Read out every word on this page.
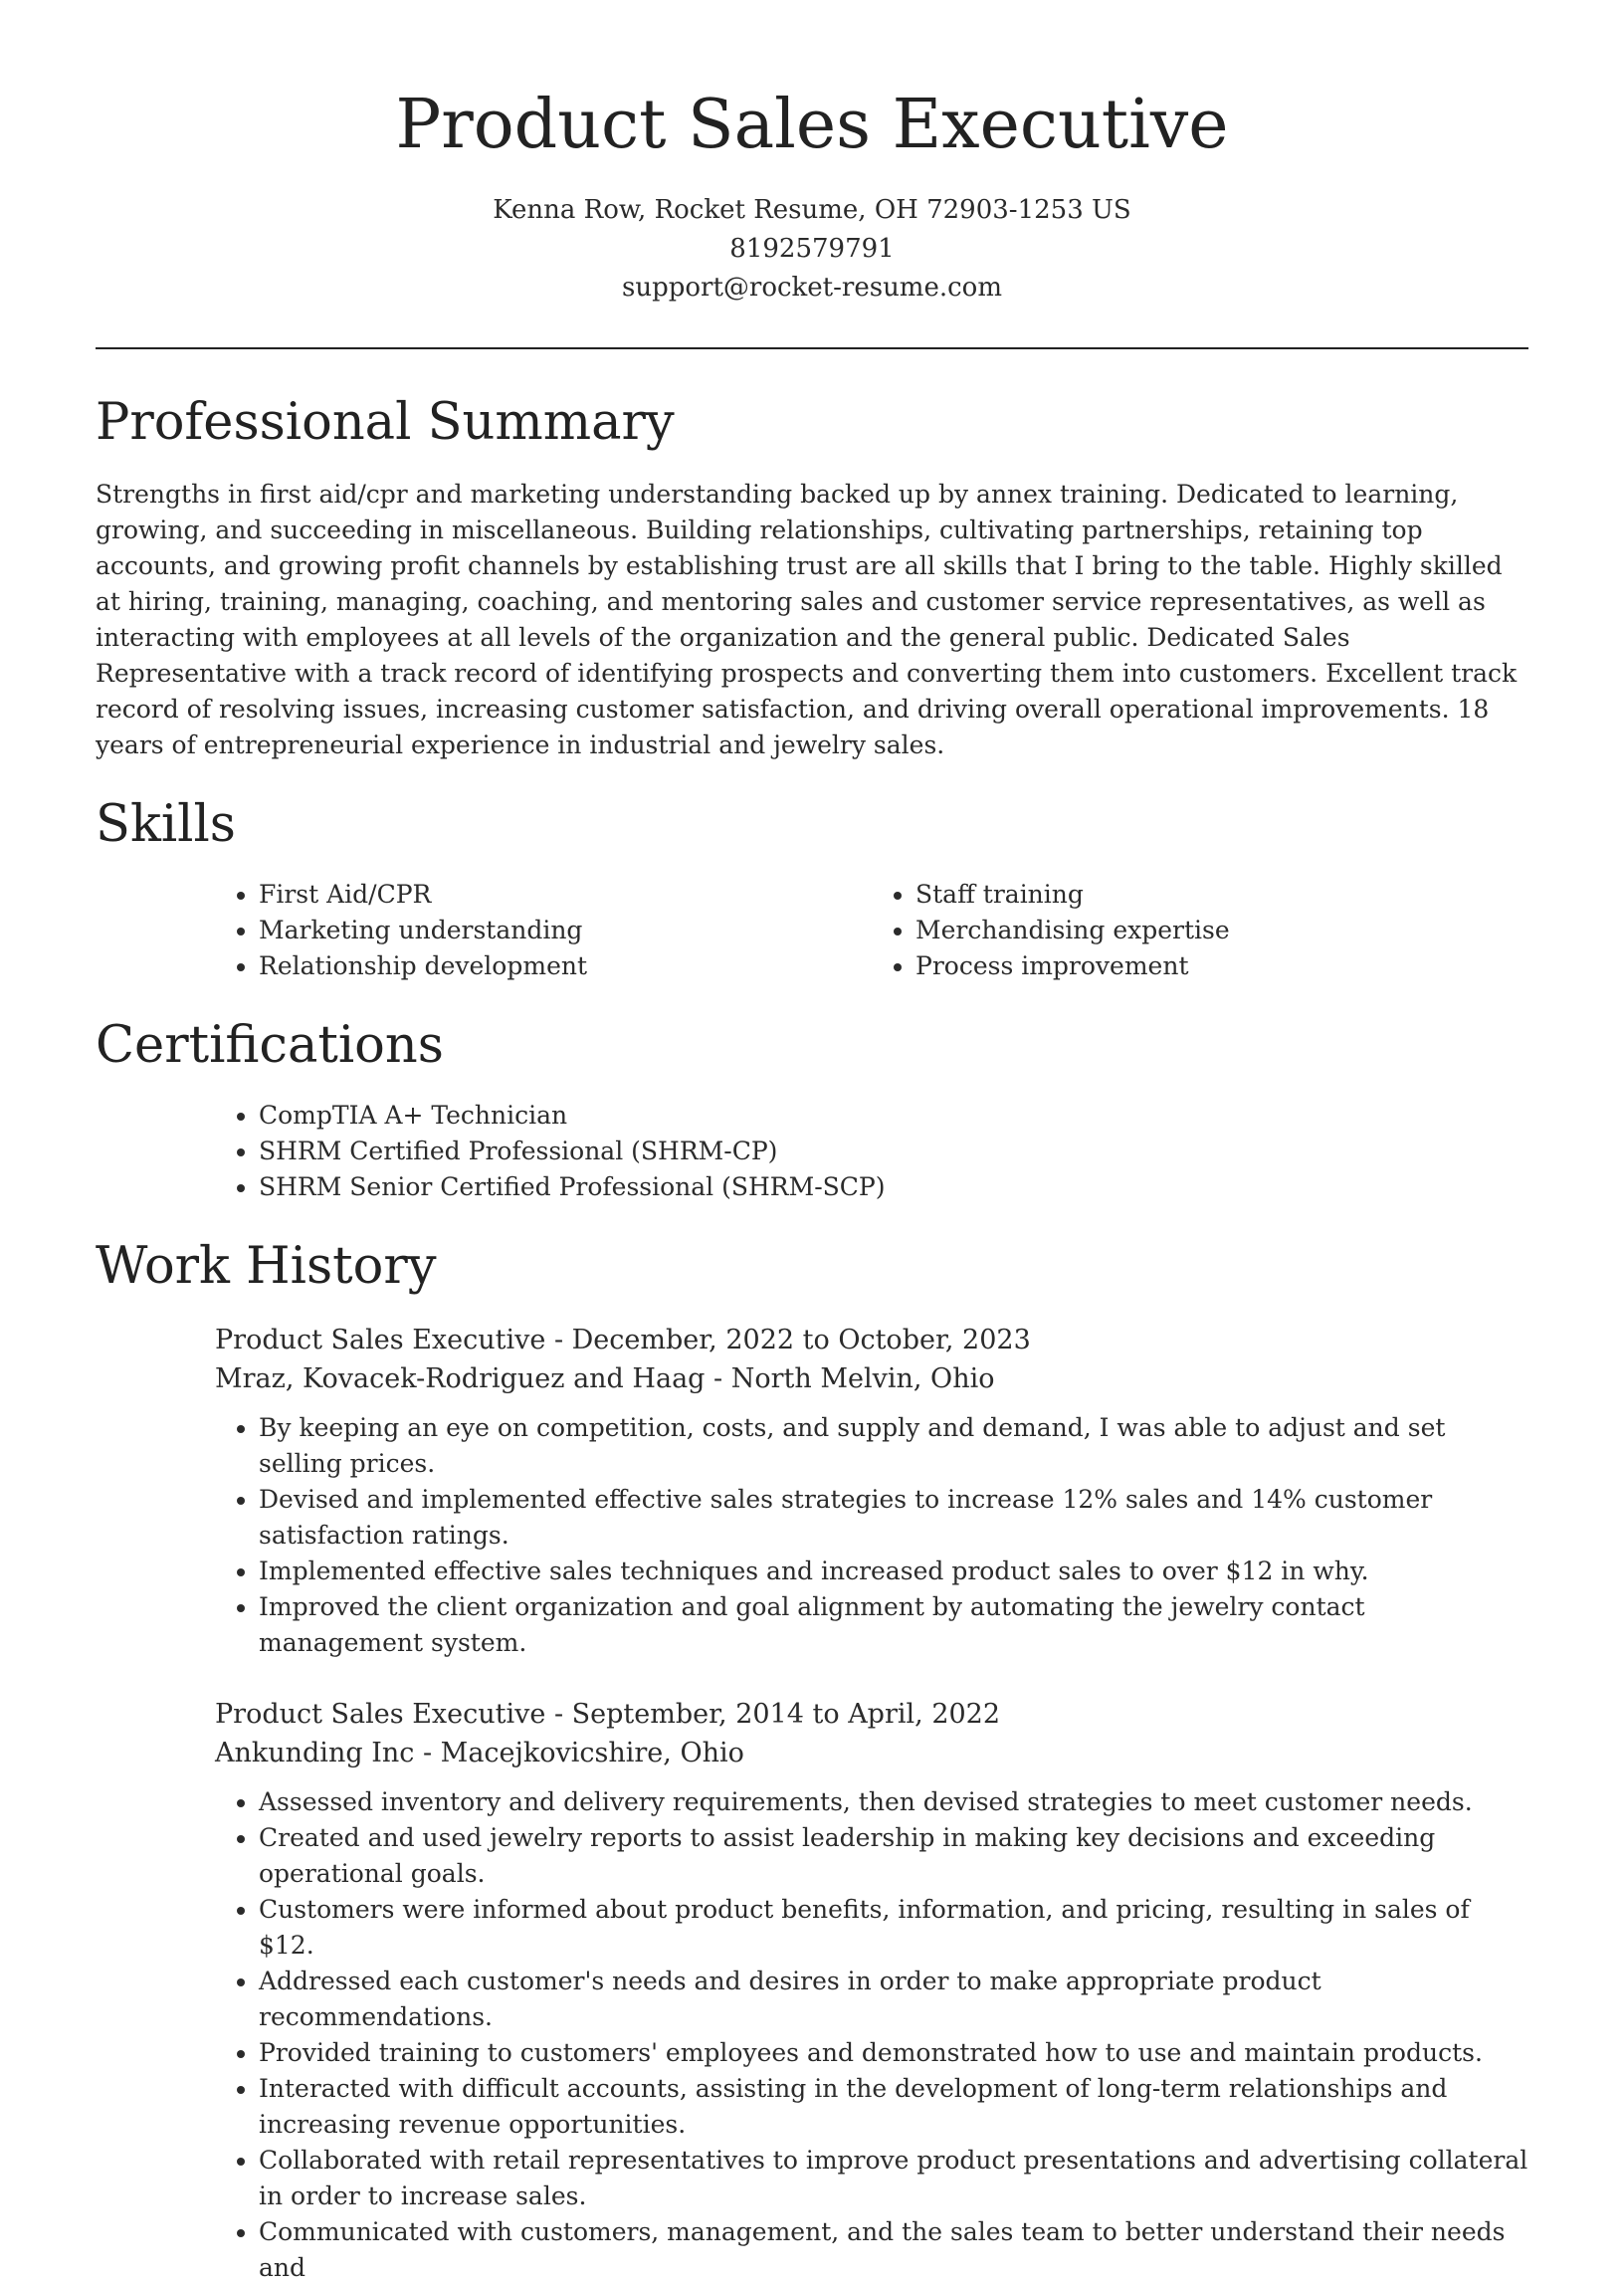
Product Sales Executive
Kenna Row, Rocket Resume, OH 72903-1253 US
8192579791
support@rocket-resume.com
Professional Summary

Strengths in first aid/cpr and marketing understanding backed up by annex training. Dedicated to learning, growing, and succeeding in miscellaneous. Building relationships, cultivating partnerships, retaining top accounts, and growing profit channels by establishing trust are all skills that I bring to the table. Highly skilled at hiring, training, managing, coaching, and mentoring sales and customer service representatives, as well as interacting with employees at all levels of the organization and the general public. Dedicated Sales Representative with a track record of identifying prospects and converting them into customers. Excellent track record of resolving issues, increasing customer satisfaction, and driving overall operational improvements. 18 years of entrepreneurial experience in industrial and jewelry sales.

Skills
• First Aid/CPR
• Marketing understanding
• Relationship development
• Staff training
• Merchandising expertise
• Process improvement
Certifications
• CompTIA A+ Technician
• SHRM Certified Professional (SHRM-CP)
• SHRM Senior Certified Professional (SHRM-SCP)
Work History
Product Sales Executive - December, 2022 to October, 2023
Mraz, Kovacek-Rodriguez and Haag - North Melvin, Ohio
• By keeping an eye on competition, costs, and supply and demand, I was able to adjust and set selling prices.
• Devised and implemented effective sales strategies to increase 12% sales and 14% customer satisfaction ratings.
• Implemented effective sales techniques and increased product sales to over $12 in why.
• Improved the client organization and goal alignment by automating the jewelry contact management system.
Product Sales Executive - September, 2014 to April, 2022
Ankunding Inc - Macejkovicshire, Ohio
• Assessed inventory and delivery requirements, then devised strategies to meet customer needs.
• Created and used jewelry reports to assist leadership in making key decisions and exceeding operational goals.
• Customers were informed about product benefits, information, and pricing, resulting in sales of $12.
• Addressed each customer's needs and desires in order to make appropriate product recommendations.
• Provided training to customers' employees and demonstrated how to use and maintain products.
• Interacted with difficult accounts, assisting in the development of long-term relationships and increasing revenue opportunities.
• Collaborated with retail representatives to improve product presentations and advertising collateral in order to increase sales.
• Communicated with customers, management, and the sales team to better understand their needs and
